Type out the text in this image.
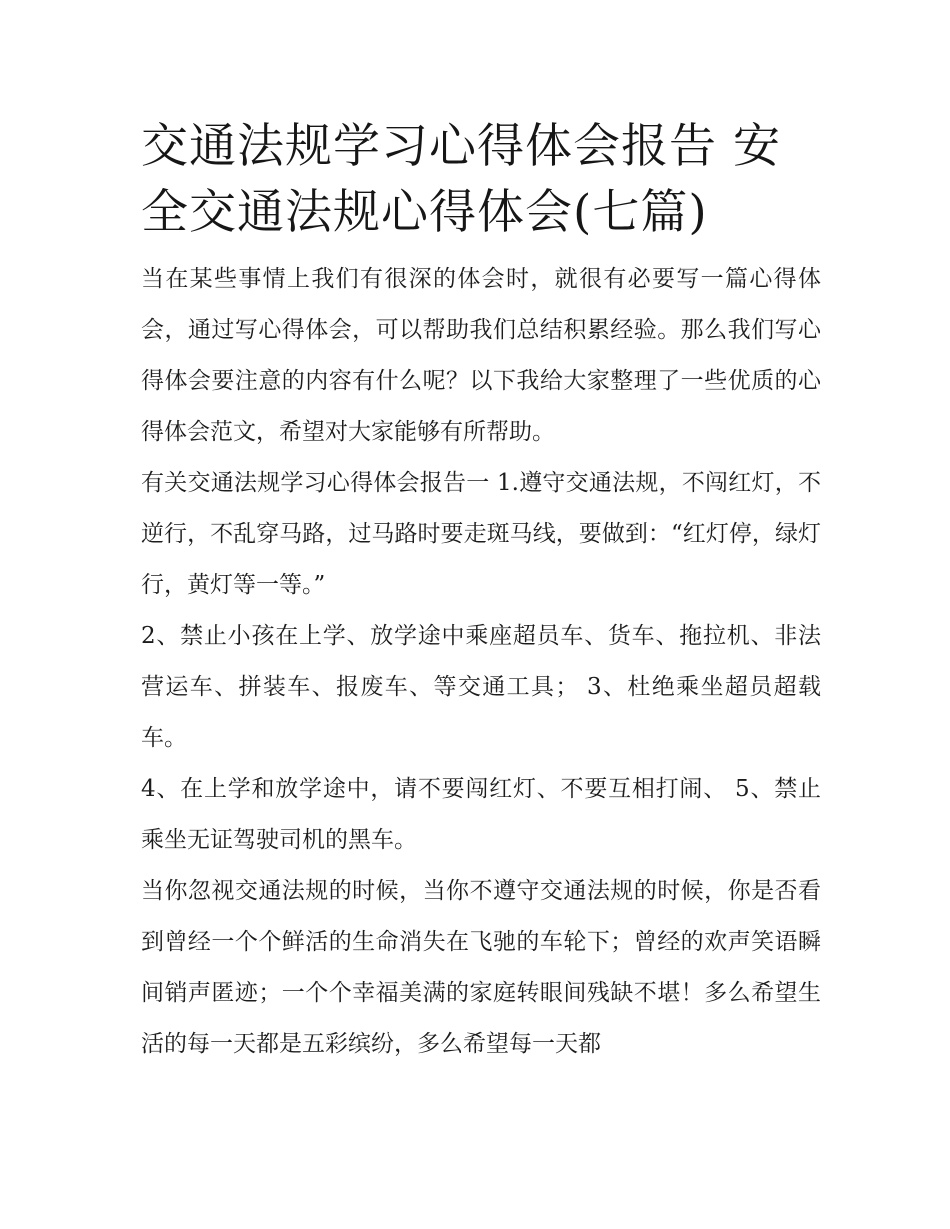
交通法规学习心得体会报告 安全交通法规心得体会(七篇)

当在某些事情上我们有很深的体会时，就很有必要写一篇心得体会，通过写心得体会，可以帮助我们总结积累经验。那么我们写心得体会要注意的内容有什么呢？以下我给大家整理了一些优质的心得体会范文，希望对大家能够有所帮助。

有关交通法规学习心得体会报告一 1.遵守交通法规，不闯红灯，不逆行，不乱穿马路，过马路时要走斑马线，要做到：“红灯停，绿灯行，黄灯等一等。”

2、禁止小孩在上学、放学途中乘座超员车、货车、拖拉机、非法营运车、拼装车、报废车、等交通工具； 3、杜绝乘坐超员超载车。

4、在上学和放学途中，请不要闯红灯、不要互相打闹、 5、禁止乘坐无证驾驶司机的黑车。

当你忽视交通法规的时候，当你不遵守交通法规的时候，你是否看到曾经一个个鲜活的生命消失在飞驰的车轮下；曾经的欢声笑语瞬间销声匿迹；一个个幸福美满的家庭转眼间残缺不堪！多么希望生活的每一天都是五彩缤纷，多么希望每一天都
